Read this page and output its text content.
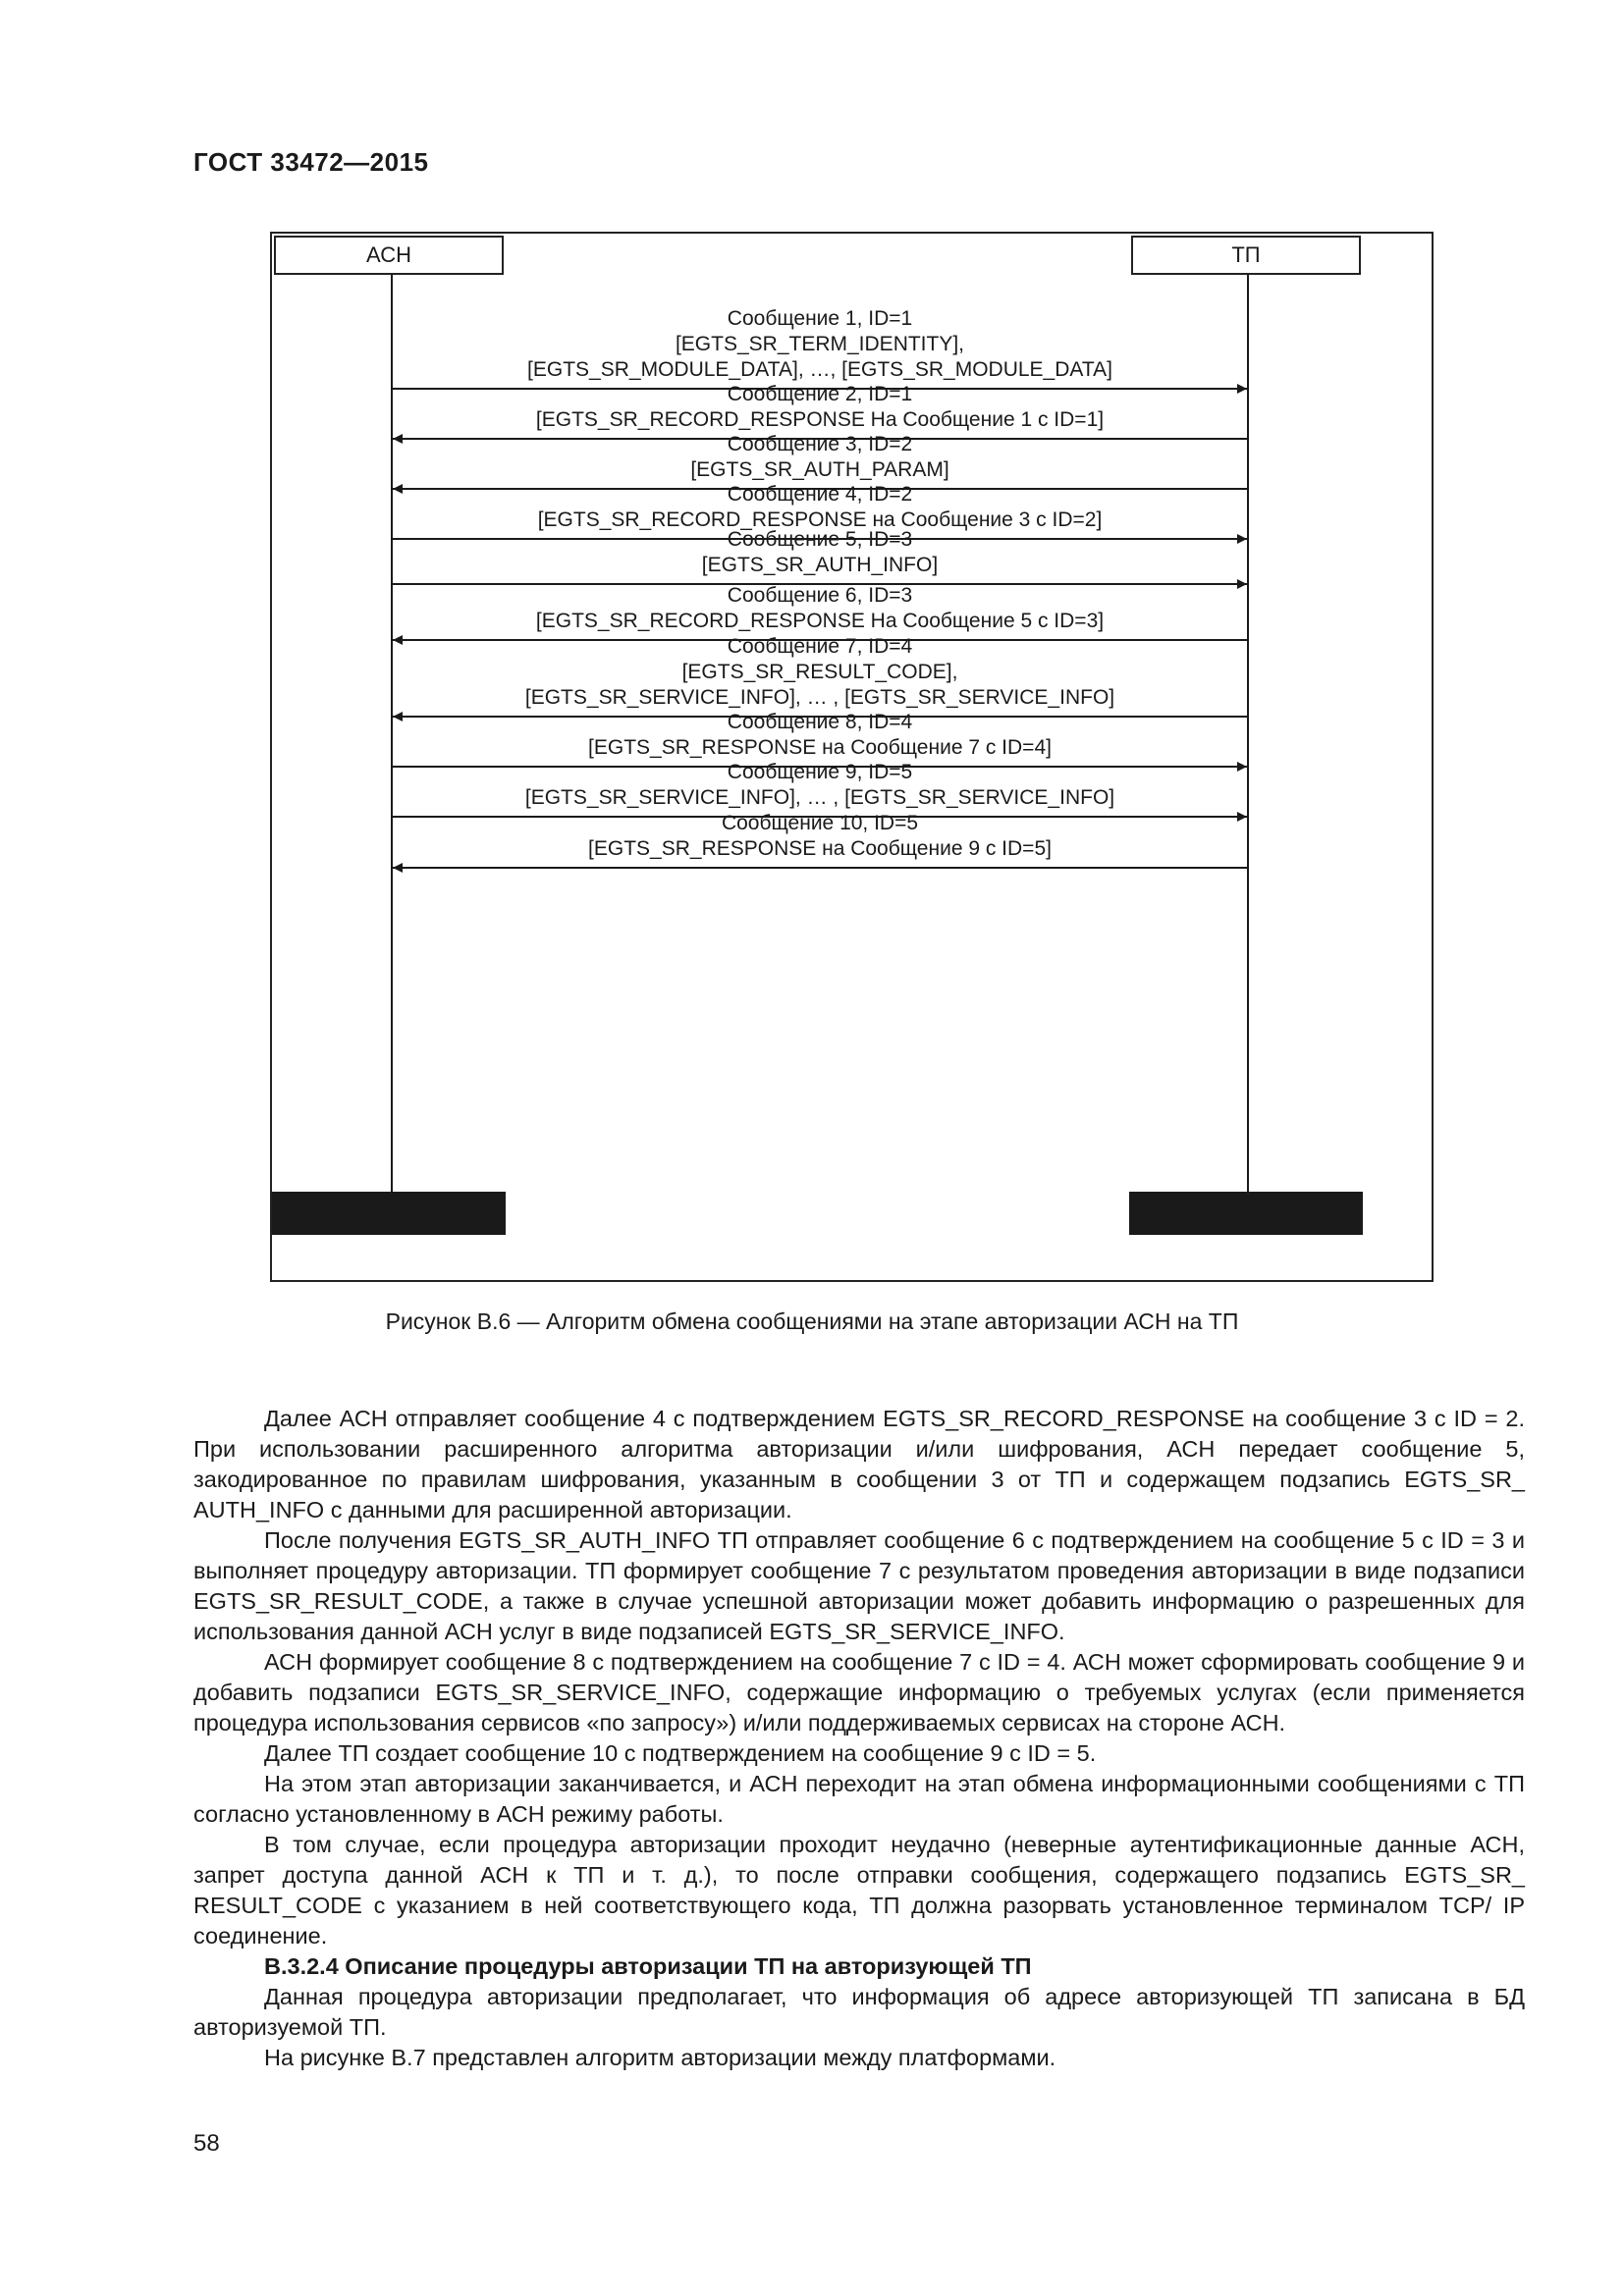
ГОСТ 33472—2015
АСН	ТП
Сообщение 1, ID=1
[EGTS_SR_TERM_IDENTITY],
[EGTS_SR_MODULE_DATA], …, [EGTS_SR_MODULE_DATA]
Сообщение 2, ID=1
[EGTS_SR_RECORD_RESPONSE На Сообщение 1 с ID=1]
Сообщение 3, ID=2
[EGTS_SR_AUTH_PARAM]
Сообщение 4, ID=2
[EGTS_SR_RECORD_RESPONSE на Сообщение 3 с ID=2]
Сообщение 5, ID=3
[EGTS_SR_AUTH_INFO]
Сообщение 6, ID=3
[EGTS_SR_RECORD_RESPONSE На Сообщение 5 с ID=3]
Сообщение 7, ID=4
[EGTS_SR_RESULT_CODE],
[EGTS_SR_SERVICE_INFO], … , [EGTS_SR_SERVICE_INFO]
Сообщение 8, ID=4
[EGTS_SR_RESPONSE на Сообщение 7 с ID=4]
Сообщение 9, ID=5
[EGTS_SR_SERVICE_INFO], … , [EGTS_SR_SERVICE_INFO]
Сообщение 10, ID=5
[EGTS_SR_RESPONSE на Сообщение 9 с ID=5]
Рисунок В.6 — Алгоритм обмена сообщениями на этапе авторизации АСН на ТП

Далее АСН отправляет сообщение 4 с подтверждением EGTS_SR_RECORD_RESPONSE на сообщение 3 с ID = 2. При использовании расширенного алгоритма авторизации и/или шифрования, АСН передает сообщение 5, закодированное по правилам шифрования, указанным в сообщении 3 от ТП и содержащем подзапись EGTS_SR_ AUTH_INFO с данными для расширенной авторизации.

После получения EGTS_SR_AUTH_INFO ТП отправляет сообщение 6 с подтверждением на сообщение 5 с ID = 3 и выполняет процедуру авторизации. ТП формирует сообщение 7 с результатом проведения авторизации в виде подзаписи EGTS_SR_RESULT_CODE, а также в случае успешной авторизации может добавить информацию о разрешенных для использования данной АСН услуг в виде подзаписей EGTS_SR_SERVICE_INFO.

АСН формирует сообщение 8 с подтверждением на сообщение 7 с ID = 4. АСН может сформировать сообщение 9 и добавить подзаписи EGTS_SR_SERVICE_INFO, содержащие информацию о требуемых услугах (если применяется процедура использования сервисов «по запросу») и/или поддерживаемых сервисах на стороне АСН.

Далее ТП создает сообщение 10 с подтверждением на сообщение 9 с ID = 5.

На этом этап авторизации заканчивается, и АСН переходит на этап обмена информационными сообщениями с ТП согласно установленному в АСН режиму работы.

В том случае, если процедура авторизации проходит неудачно (неверные аутентификационные данные АСН, запрет доступа данной АСН к ТП и т. д.), то после отправки сообщения, содержащего подзапись EGTS_SR_ RESULT_CODE с указанием в ней соответствующего кода, ТП должна разорвать установленное терминалом TCP/ IP соединение.

В.3.2.4 Описание процедуры авторизации ТП на авторизующей ТП

Данная процедура авторизации предполагает, что информация об адресе авторизующей ТП записана в БД авторизуемой ТП.

На рисунке В.7 представлен алгоритм авторизации между платформами.

58
